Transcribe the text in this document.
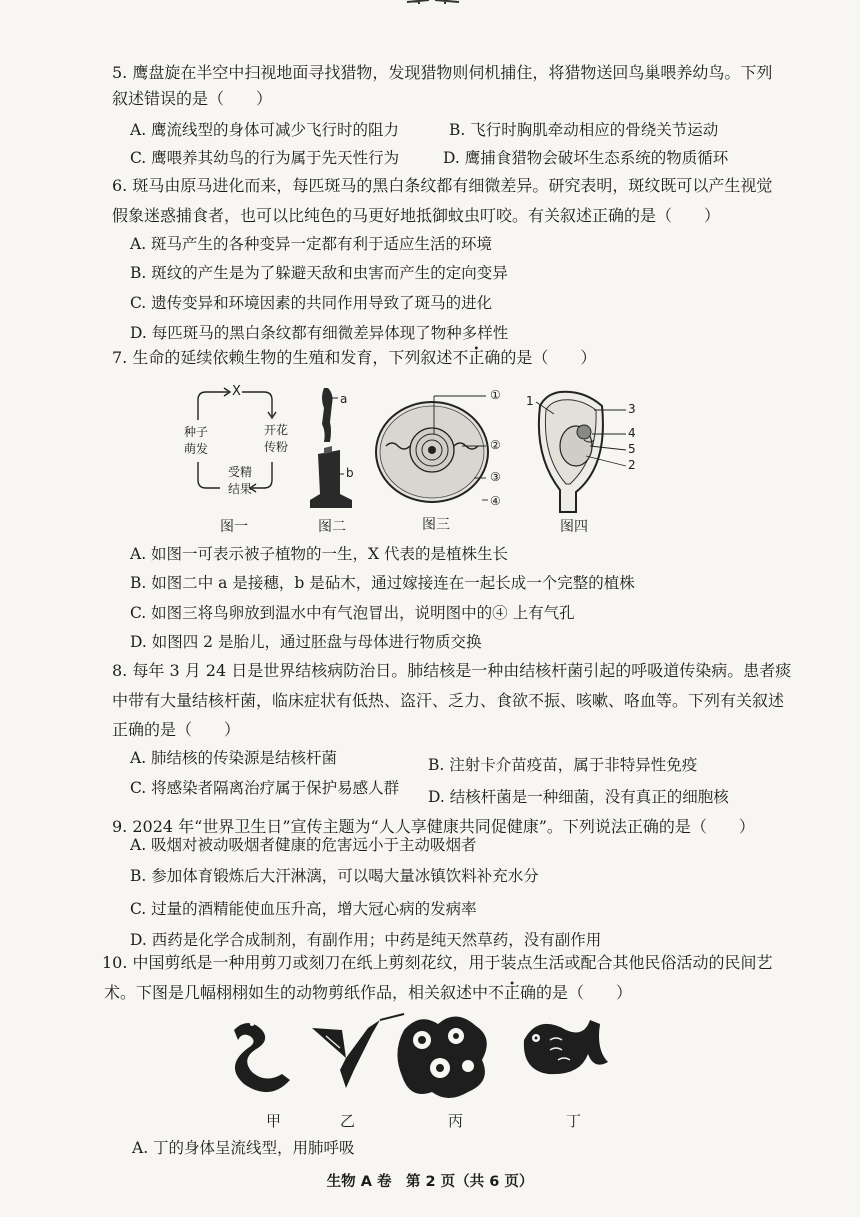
5. 鹰盘旋在半空中扫视地面寻找猎物，发现猎物则伺机捕住，将猎物送回鸟巢喂养幼鸟。下列
叙述错误的是（　　）
A. 鹰流线型的身体可减少飞行时的阻力	B. 飞行时胸肌牵动相应的骨绕关节运动
C. 鹰喂养其幼鸟的行为属于先天性行为	D. 鹰捕食猎物会破坏生态系统的物质循环
6. 斑马由原马进化而来，每匹斑马的黑白条纹都有细微差异。研究表明，斑纹既可以产生视觉
假象迷惑捕食者，也可以比纯色的马更好地抵御蚊虫叮咬。有关叙述正确的是（　　）
A. 斑马产生的各种变异一定都有利于适应生活的环境
B. 斑纹的产生是为了躲避天敌和虫害而产生的定向变异
C. 遗传变异和环境因素的共同作用导致了斑马的进化
D. 每匹斑马的黑白条纹都有细微差异体现了物种多样性
7. 生命的延续依赖生物的生殖和发育，下列叙述不正确的是（　　）
X
开花
传粉
种子
萌发
受精
结果
图一
a
b
图二
①
②
③
④
图三
1
3
4
5
2
图四
A. 如图一可表示被子植物的一生，X 代表的是植株生长
B. 如图二中 a 是接穗，b 是砧木，通过嫁接连在一起长成一个完整的植株
C. 如图三将鸟卵放到温水中有气泡冒出，说明图中的④ 上有气孔
D. 如图四 2 是胎儿，通过胚盘与母体进行物质交换
8. 每年 3 月 24 日是世界结核病防治日。肺结核是一种由结核杆菌引起的呼吸道传染病。患者痰
中带有大量结核杆菌，临床症状有低热、盗汗、乏力、食欲不振、咳嗽、咯血等。下列有关叙述
正确的是（　　）
A. 肺结核的传染源是结核杆菌	B. 注射卡介苗疫苗，属于非特异性免疫
C. 将感染者隔离治疗属于保护易感人群 D. 结核杆菌是一种细菌，没有真正的细胞核
9. 2024 年“世界卫生日”宣传主题为“人人享健康共同促健康”。下列说法正确的是（　　）
A. 吸烟对被动吸烟者健康的危害远小于主动吸烟者
B. 参加体育锻炼后大汗淋漓，可以喝大量冰镇饮料补充水分
C. 过量的酒精能使血压升高，增大冠心病的发病率
D. 西药是化学合成制剂，有副作用；中药是纯天然草药，没有副作用
10. 中国剪纸是一种用剪刀或刻刀在纸上剪刻花纹，用于装点生活或配合其他民俗活动的民间艺
术。下图是几幅栩栩如生的动物剪纸作品，相关叙述中不正确的是（　　）
甲	乙	丙	丁
A. 丁的身体呈流线型，用肺呼吸
生物 A 卷　第 2 页（共 6 页）
